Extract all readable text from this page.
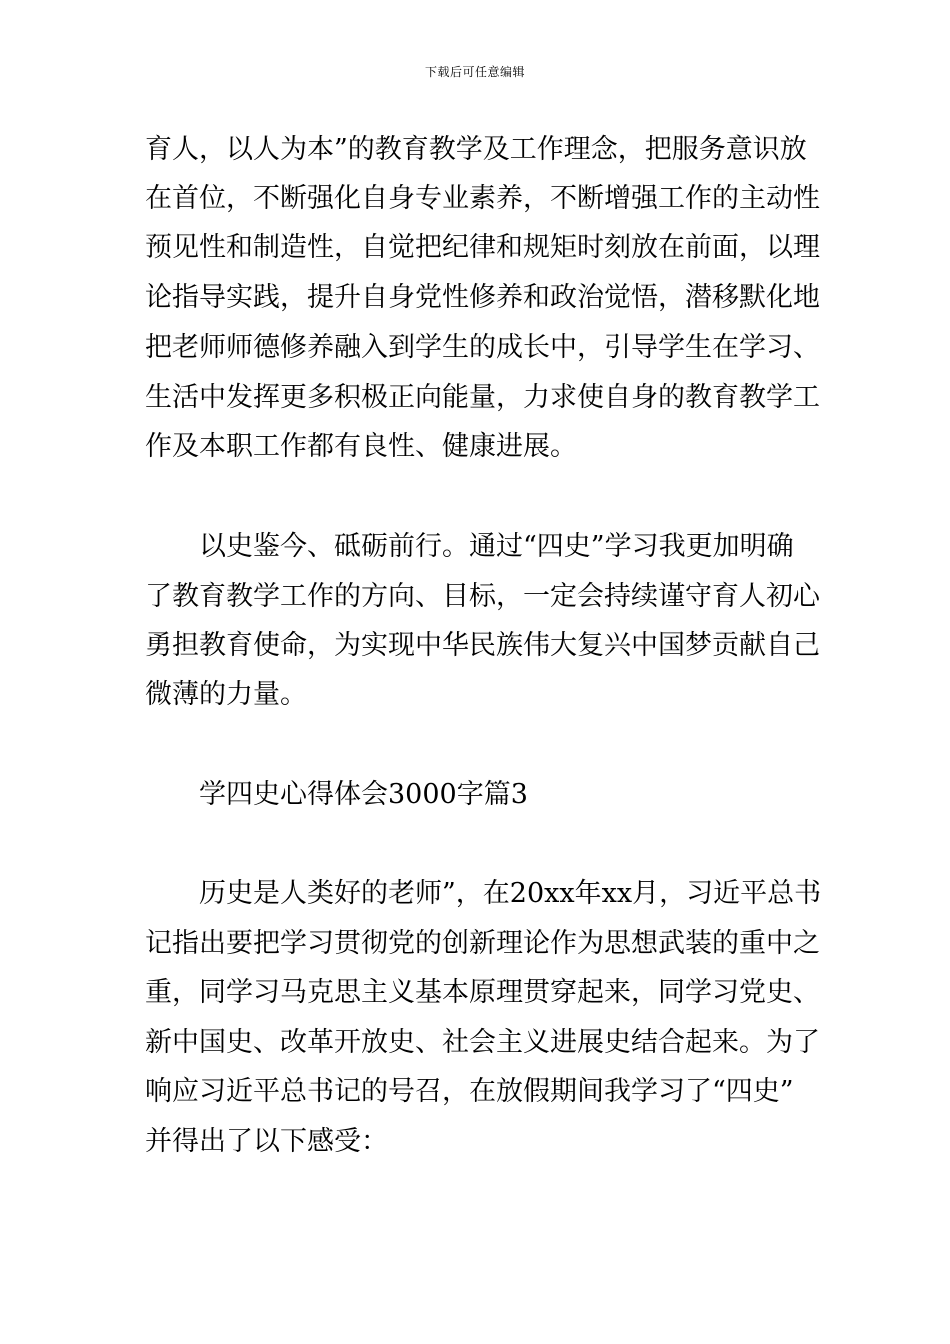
下载后可任意编辑
育人，以人为本”的教育教学及工作理念，把服务意识放
在首位，不断强化自身专业素养，不断增强工作的主动性
预见性和制造性，自觉把纪律和规矩时刻放在前面，以理
论指导实践，提升自身党性修养和政治觉悟，潜移默化地
把老师师德修养融入到学生的成长中，引导学生在学习、
生活中发挥更多积极正向能量，力求使自身的教育教学工
作及本职工作都有良性、健康进展。
以史鉴今、砥砺前行。通过“四史”学习我更加明确
了教育教学工作的方向、目标，一定会持续谨守育人初心
勇担教育使命，为实现中华民族伟大复兴中国梦贡献自己
微薄的力量。
学四史心得体会3000字篇3
历史是人类好的老师”，在20xx年xx月，习近平总书
记指出要把学习贯彻党的创新理论作为思想武装的重中之
重，同学习马克思主义基本原理贯穿起来，同学习党史、
新中国史、改革开放史、社会主义进展史结合起来。为了
响应习近平总书记的号召，在放假期间我学习了“四史”
并得出了以下感受：
